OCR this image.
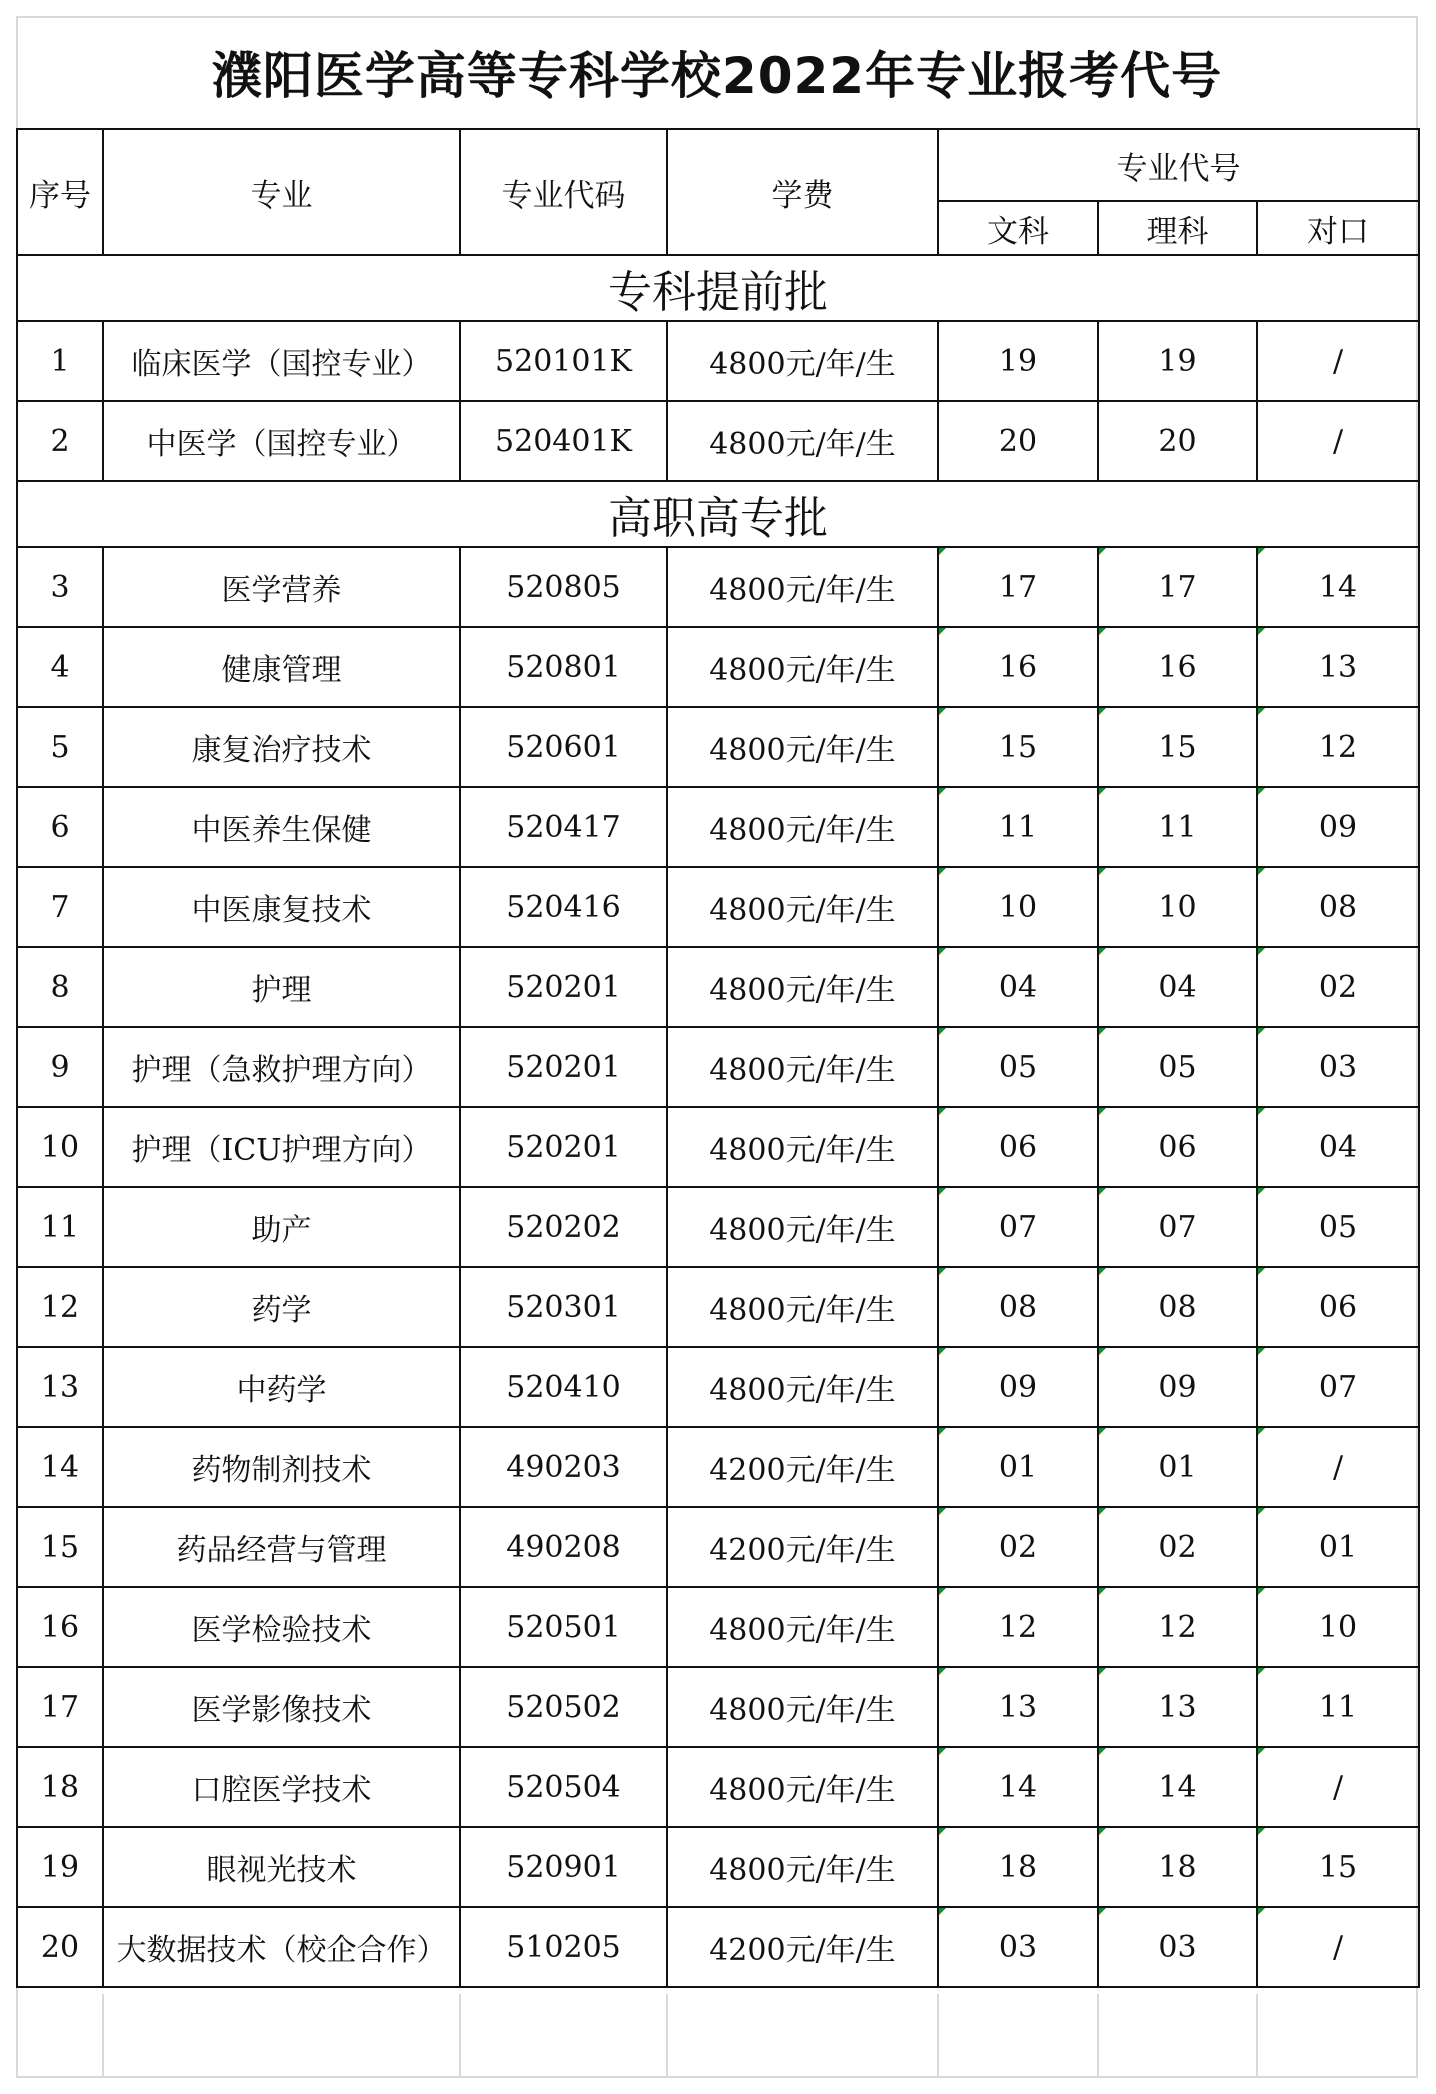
濮阳医学高等专科学校2022年专业报考代号
序号	专业	专业代码	学费	专业代号		
				文科	理科	对口
专科提前批						
1	临床医学（国控专业）	520101K	4800元/年/生	19	19	/
2	中医学（国控专业）	520401K	4800元/年/生	20	20	/
高职高专批						
3	医学营养	520805	4800元/年/生	17	17	14
4	健康管理	520801	4800元/年/生	16	16	13
5	康复治疗技术	520601	4800元/年/生	15	15	12
6	中医养生保健	520417	4800元/年/生	11	11	09
7	中医康复技术	520416	4800元/年/生	10	10	08
8	护理	520201	4800元/年/生	04	04	02
9	护理（急救护理方向）	520201	4800元/年/生	05	05	03
10	护理（ICU护理方向）	520201	4800元/年/生	06	06	04
11	助产	520202	4800元/年/生	07	07	05
12	药学	520301	4800元/年/生	08	08	06
13	中药学	520410	4800元/年/生	09	09	07
14	药物制剂技术	490203	4200元/年/生	01	01	/
15	药品经营与管理	490208	4200元/年/生	02	02	01
16	医学检验技术	520501	4800元/年/生	12	12	10
17	医学影像技术	520502	4800元/年/生	13	13	11
18	口腔医学技术	520504	4800元/年/生	14	14	/
19	眼视光技术	520901	4800元/年/生	18	18	15
20	大数据技术（校企合作）	510205	4200元/年/生	03	03	/
